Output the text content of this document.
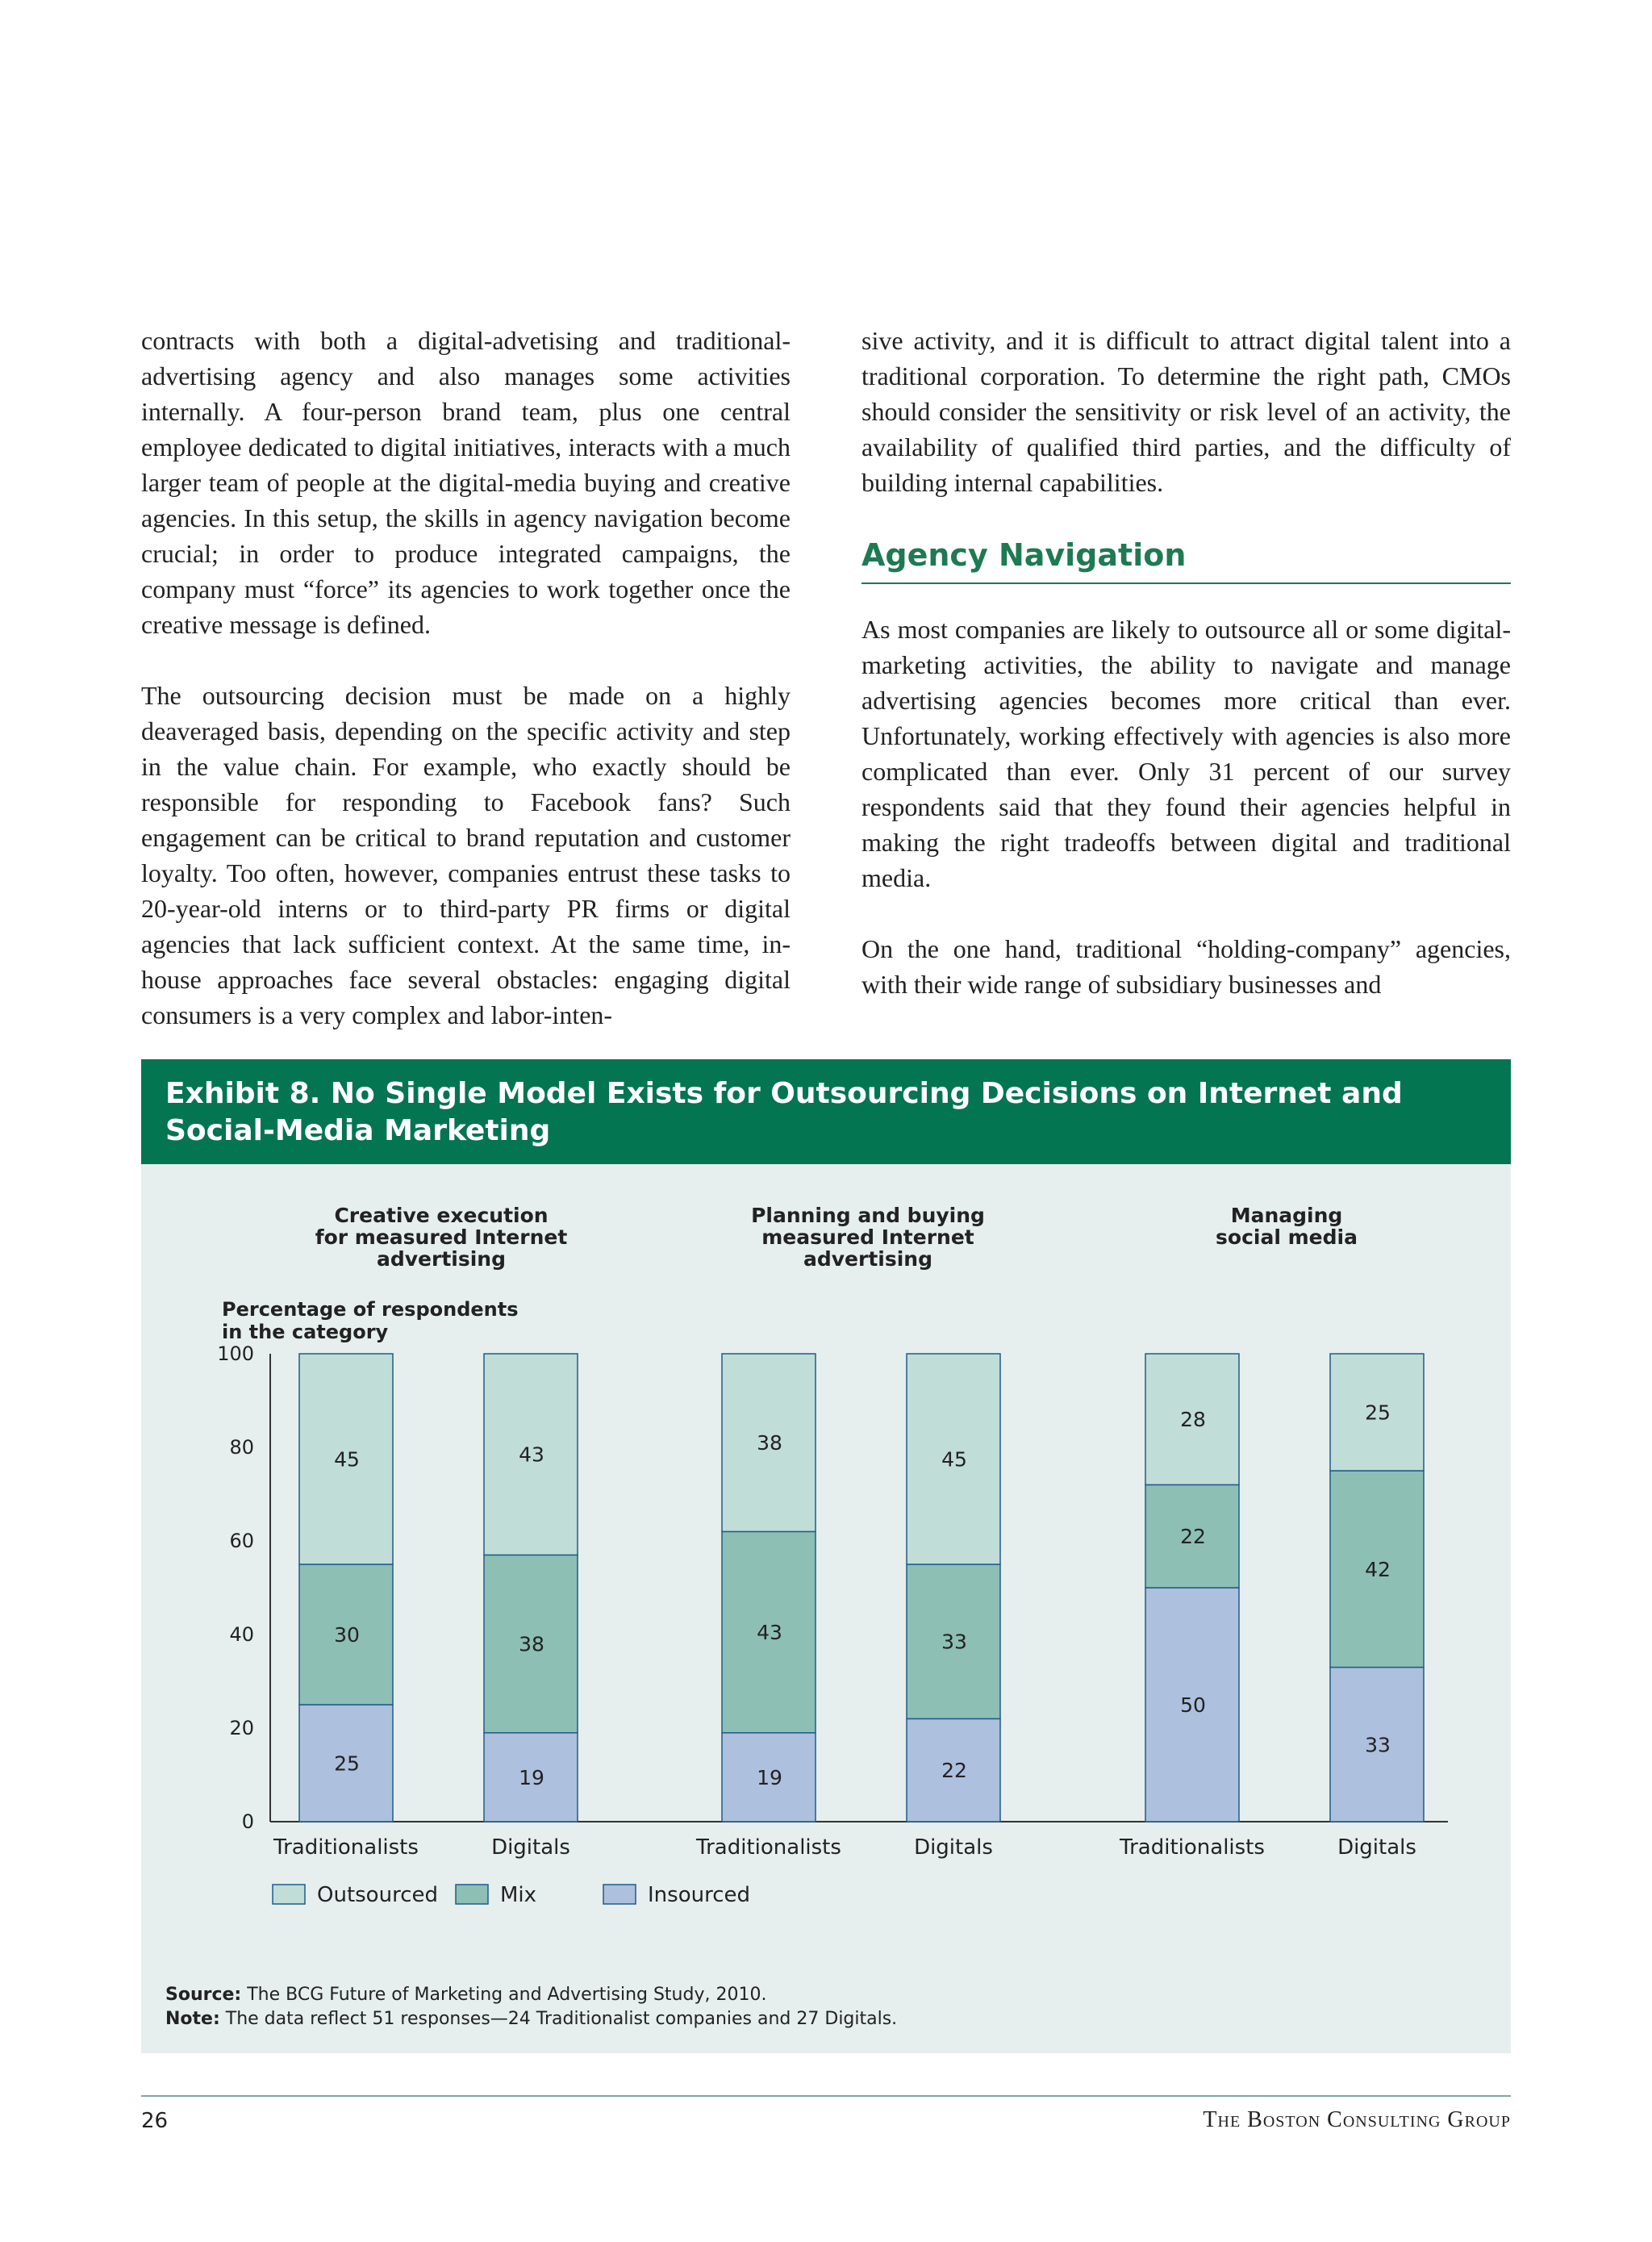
contracts with both a digital-advetising and traditional-advertising agency and also manages some activities internally. A four-person brand team, plus one central employee dedicated to digital initiatives, interacts with a much larger team of people at the digital-media buying and creative agencies. In this setup, the skills in agency navigation become crucial; in order to produce integrated campaigns, the company must “force” its agencies to work together once the creative message is defined.

The outsourcing decision must be made on a highly deaveraged basis, depending on the specific activity and step in the value chain. For example, who exactly should be responsible for responding to Facebook fans? Such engagement can be critical to brand reputation and customer loyalty. Too often, however, companies entrust these tasks to 20-year-old interns or to third-party PR firms or digital agencies that lack sufficient context. At the same time, in-house approaches face several obstacles: engaging digital consumers is a very complex and labor-inten-

sive activity, and it is difficult to attract digital talent into a traditional corporation. To determine the right path, CMOs should consider the sensitivity or risk level of an activity, the availability of qualified third parties, and the difficulty of building internal capabilities.

Agency Navigation

As most companies are likely to outsource all or some digital-marketing activities, the ability to navigate and manage advertising agencies becomes more critical than ever. Unfortunately, working effectively with agencies is also more complicated than ever. Only 31 percent of our survey respondents said that they found their agencies helpful in making the right tradeoffs between digital and traditional media.

On the one hand, traditional “holding-company” agencies, with their wide range of subsidiary businesses and

Exhibit 8. No Single Model Exists for Outsourcing Decisions on Internet and Social-Media Marketing
Percentage of respondents in the category
0
20
40
60
80
100
Creative execution
for measured Internet
advertising
Planning and buying
measured Internet
advertising
Managing
social media
25
30
45
Traditionalists
19
38
43
Digitals
19
43
38
Traditionalists
22
33
45
Digitals
50
22
28
Traditionalists
33
42
25
Digitals
Outsourced	Mix	Insourced
Source: The BCG Future of Marketing and Advertising Study, 2010.
Note: The data reflect 51 responses—24 Traditionalist companies and 27 Digitals.
26	The Boston Consulting Group
